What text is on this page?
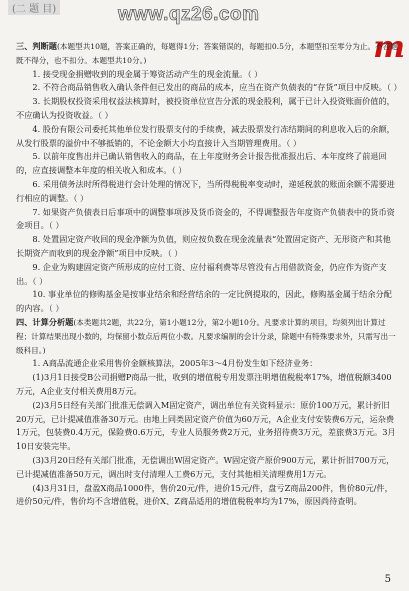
(二 题 目)	www.qz26.com
m

三、判断题(本题型共10题，答案正确的，每题得1分；答案错误的，每题扣0.5分，本题型扣至零分为止。不答题既不得分，也不扣分。本题型共10分。)

1. 接受现金捐赠收到的现金属于筹资活动产生的现金流量。（ ）

2. 不符合商品销售收入确认条件但已发出的商品的成本，应当在资产负债表的“存货”项目中反映。（ ）

3. 长期股权投资采用权益法核算时，被投资单位宣告分派的现金股利，属于已计入投资账面价值的，不应确认为投资收益。（ ）

4. 股份有限公司委托其他单位发行股票支付的手续费，减去股票发行冻结期间的利息收入后的余额，从发行股票的溢价中不够抵销的，不论金额大小均直接计入当期管理费用。（ ）

5. 以前年度售出并已确认销售收入的商品，在上年度财务会计报告批准报出后、本年度终了前退回的，应直接调整本年度的相关收入和成本。（ ）

6. 采用债务法时所得税进行会计处理的情况下，当所得税税率变动时，递延税款的账面余额不需要进行相应的调整。（ ）

7. 如果资产负债表日后事项中的调整事项涉及货币资金的，不得调整报告年度资产负债表中的货币资金项目。（ ）

8. 处置固定资产收回的现金净额为负值，则应按负数在现金流量表“处置固定资产、无形资产和其他长期资产而收到的现金净额”项目中反映。（ ）

9. 企业为购建固定资产所形成的应付工资、应付福利费等尽管没有占用借款资金，仍应作为资产支出。（ ）

10. 事业单位的修购基金是按事业结余和经营结余的一定比例提取的，因此，修购基金属于结余分配的内容。（ ）

四、计算分析题(本类题共2题，共22分，第1小题12分，第2小题10分。凡要求计算的项目，均须列出计算过程；计算结果出现小数的，均保留小数点后两位小数。凡要求编制的会计分录，除题中有特殊要求外，只需写出一级科目。)

1. A商品流通企业采用售价金额核算法，2005年3～4月份发生如下经济业务：

(1)3月1日接受B公司捐赠P商品一批，收到的增值税专用发票注明增值税税率17%，增值税额3400万元，A企业支付相关费用8万元。

(2)3月5日经有关部门批准无偿调入M固定资产，调出单位有关资料显示：原价100万元，累计折旧20万元，已计提减值准备30万元。由地上同类固定资产价值为60万元，A企业支付安装费6万元，运杂费1万元，包装费0.4万元，保险费0.6万元，专业人员服务费2万元，业务招待费3万元，差旅费3万元。3月10日安装完毕。

(3)3月20日经有关部门批准，无偿调出W固定资产。W固定资产原价900万元，累计折旧700万元，已计提减值准备50万元，调出时支付清理人工费6万元，支付其他相关清理费用1万元。

(4)3月31日，盘盈X商品1000件，售价20元/件，进价15元/件，盘亏Z商品200件，售价80元/件，进价50元/件，售价均不含增值税，进价X、Z商品适用的增值税税率均为17%，原因尚待查明。

5
